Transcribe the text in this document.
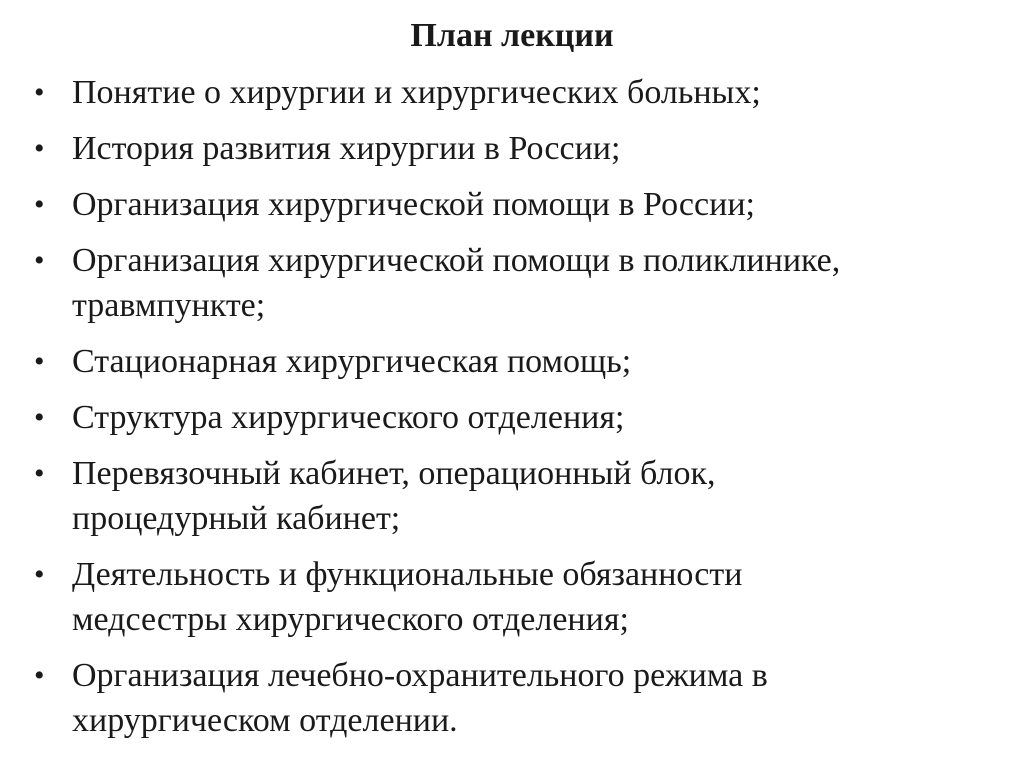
План лекции
• Понятие о хирургии и хирургических больных;
• История развития хирургии в России;
• Организация хирургической помощи в России;
• Организация хирургической помощи в поликлинике,
травмпункте;
• Стационарная хирургическая помощь;
• Структура хирургического отделения;
• Перевязочный кабинет, операционный блок,
процедурный кабинет;
• Деятельность и функциональные обязанности
медсестры хирургического отделения;
• Организация лечебно-охранительного режима в
хирургическом отделении.
